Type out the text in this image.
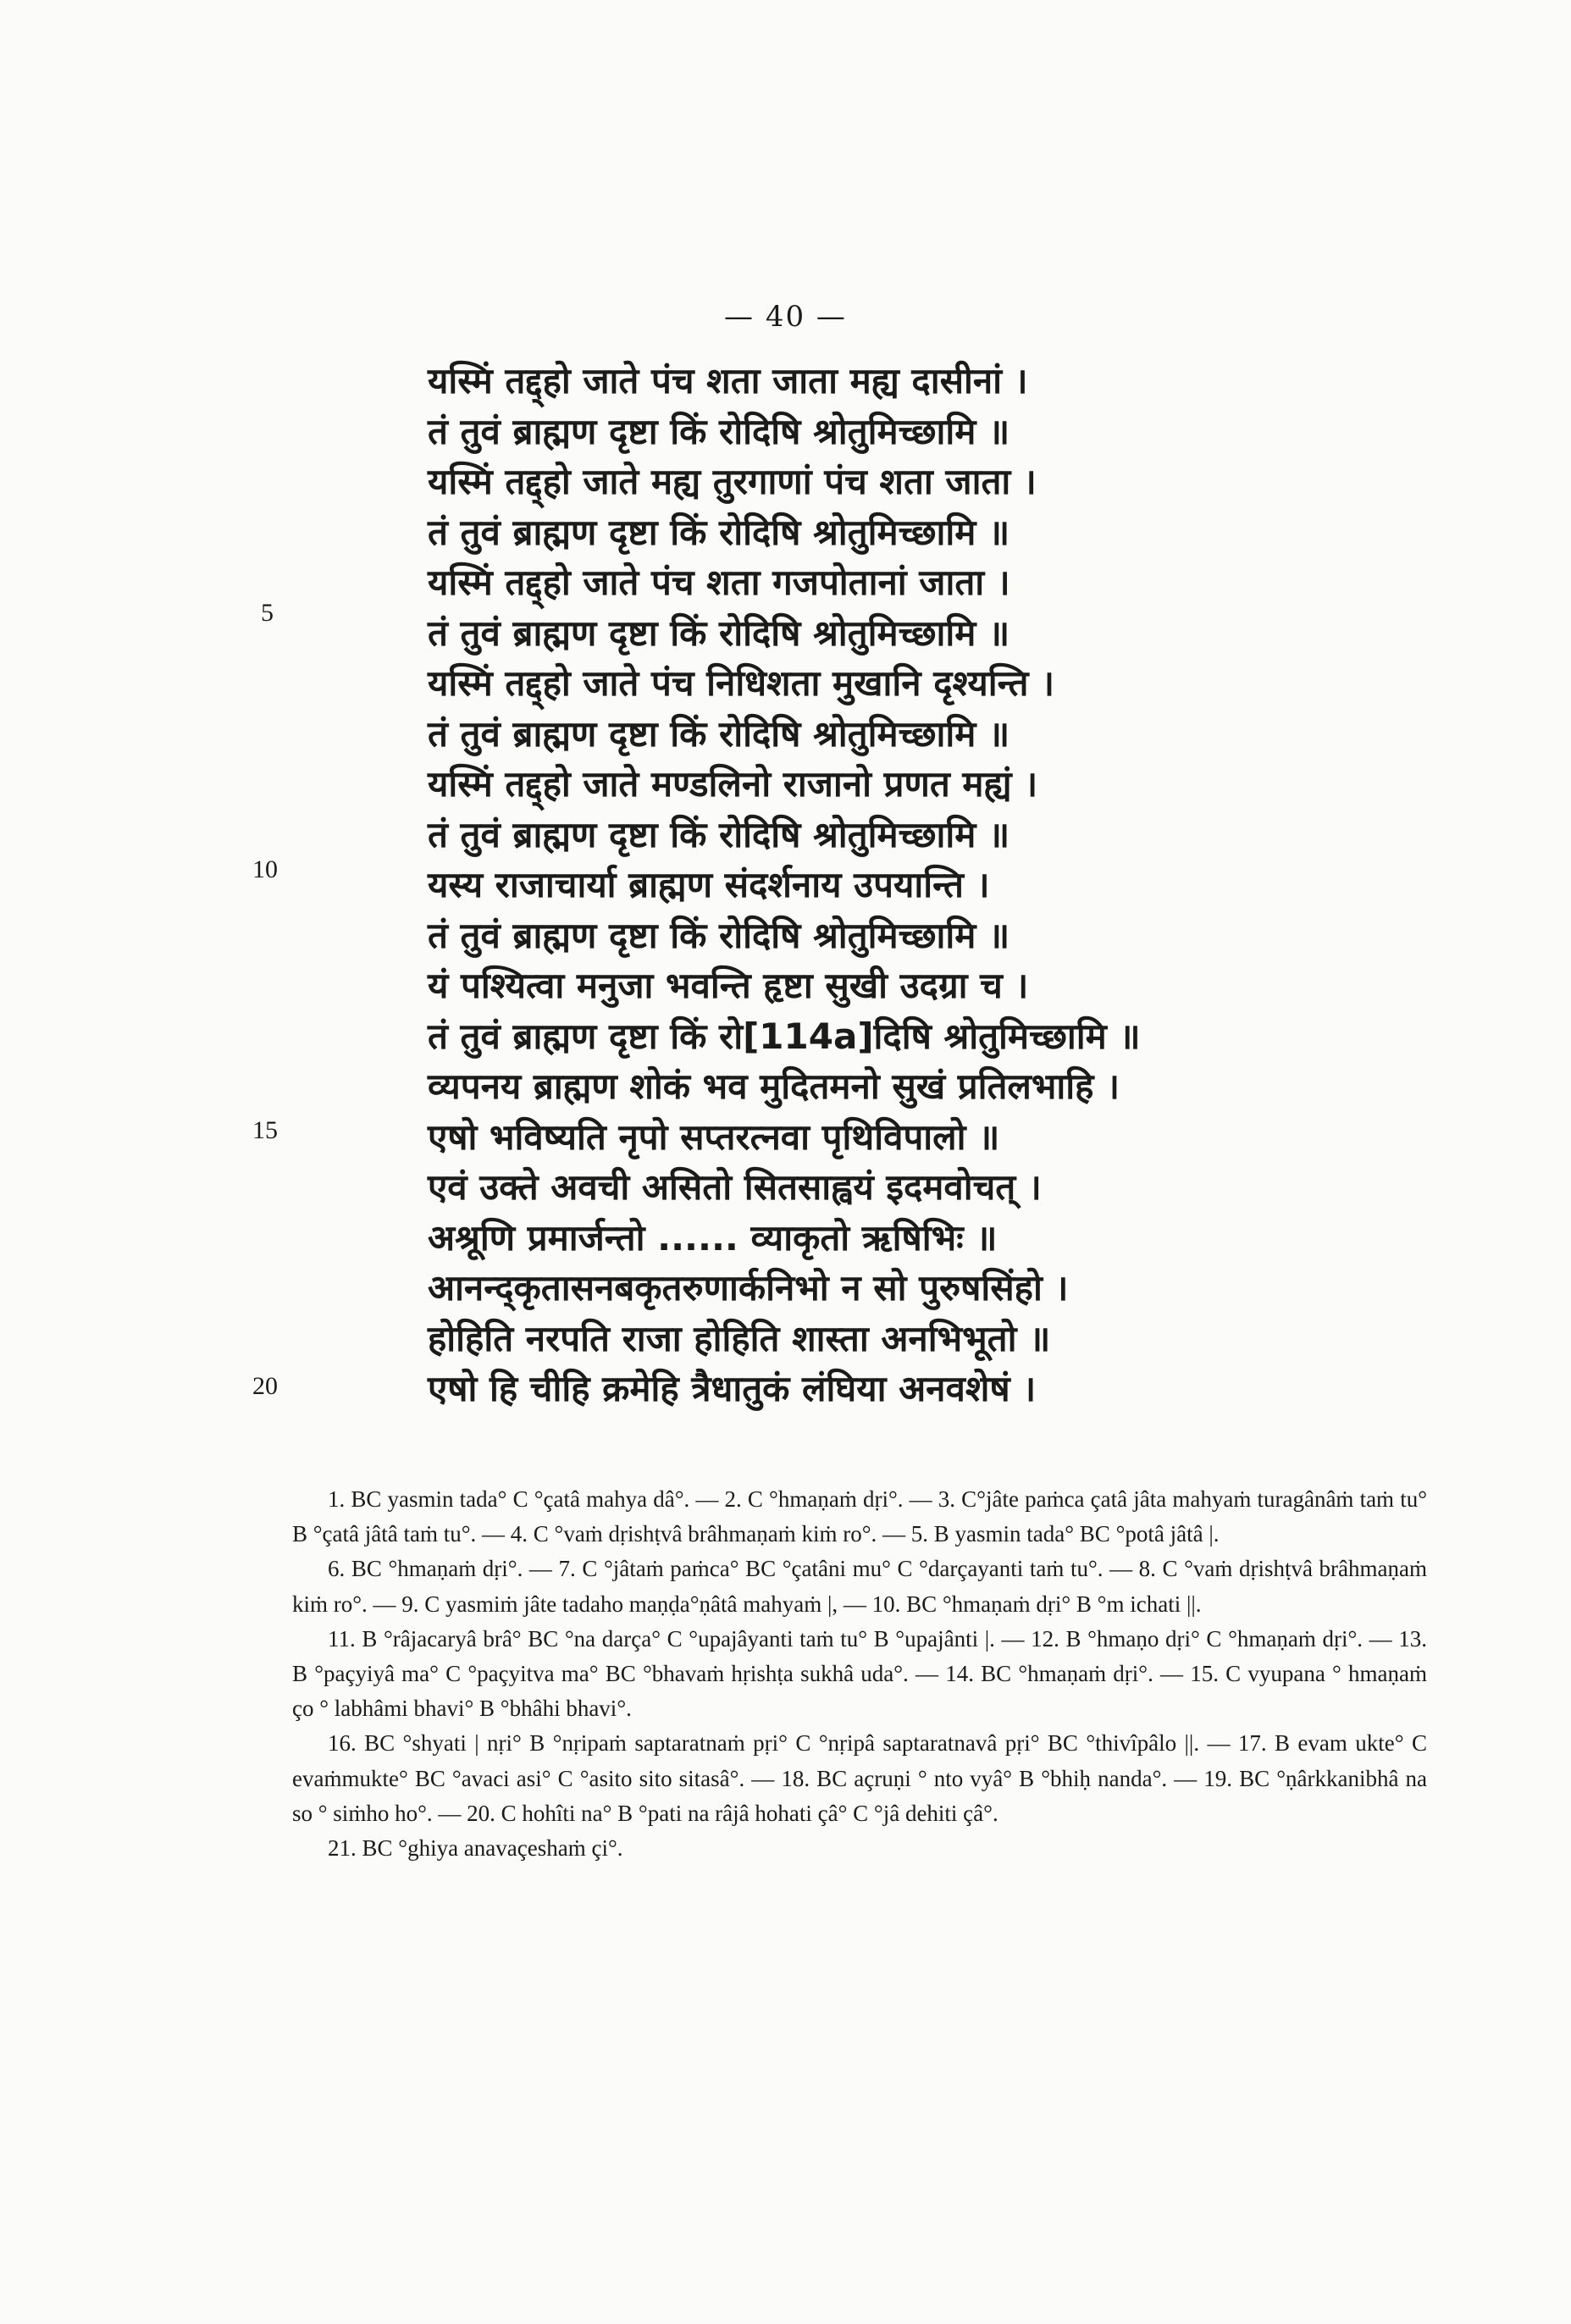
— 40 —
5
10
15
20
यस्मिं तद्द्हो जाते पंच शता जाता मह्य दासीनां ।
तं तुवं ब्राह्मण दृष्टा किं रोदिषि श्रोतुमिच्छामि ॥
यस्मिं तद्द्हो जाते मह्य तुरगाणां पंच शता जाता ।
तं तुवं ब्राह्मण दृष्टा किं रोदिषि श्रोतुमिच्छामि ॥
यस्मिं तद्द्हो जाते पंच शता गजपोतानां जाता ।
तं तुवं ब्राह्मण दृष्टा किं रोदिषि श्रोतुमिच्छामि ॥
यस्मिं तद्द्हो जाते पंच निधिशता मुखानि दृश्यन्ति ।
तं तुवं ब्राह्मण दृष्टा किं रोदिषि श्रोतुमिच्छामि ॥
यस्मिं तद्द्हो जाते मण्डलिनो राजानो प्रणत मह्यं ।
तं तुवं ब्राह्मण दृष्टा किं रोदिषि श्रोतुमिच्छामि ॥
यस्य राजाचार्या ब्राह्मण संदर्शनाय उपयान्ति ।
तं तुवं ब्राह्मण दृष्टा किं रोदिषि श्रोतुमिच्छामि ॥
यं पश्यित्वा मनुजा भवन्ति हृष्टा सुखी उदग्रा च ।
तं तुवं ब्राह्मण दृष्टा किं रो[114a]दिषि श्रोतुमिच्छामि ॥
व्यपनय ब्राह्मण शोकं भव मुदितमनो सुखं प्रतिलभाहि ।
एषो भविष्यति नृपो सप्तरत्नवा पृथिविपालो ॥
एवं उक्ते अवची असितो सितसाह्वयं इदमवोचत् ।
अश्रूणि प्रमार्जन्तो ...... व्याकृतो ऋषिभिः ॥
आनन्द्कृतासनबकृतरुणार्कनिभो न सो पुरुषसिंहो ।
होहिति नरपति राजा होहिति शास्ता अनभिभूतो ॥
एषो हि चीहि क्रमेहि त्रैधातुकं लंघिया अनवशेषं ।

1. BC yasmin tada° C °çatâ mahya dâ°. — 2. C °hmaṇaṁ dṛi°. — 3. C°jâte paṁca çatâ jâta mahyaṁ turagânâṁ taṁ tu° B °çatâ jâtâ taṁ tu°. — 4. C °vaṁ dṛishṭvâ brâhmaṇaṁ kiṁ ro°. — 5. B yasmin tada° BC °potâ jâtâ |.

6. BC °hmaṇaṁ dṛi°. — 7. C °jâtaṁ paṁca° BC °çatâni mu° C °darçayanti taṁ tu°. — 8. C °vaṁ dṛishṭvâ brâhmaṇaṁ kiṁ ro°. — 9. C yasmiṁ jâte tadaho maṇḍa°ṇâtâ mahyaṁ |, — 10. BC °hmaṇaṁ dṛi° B °m ichati ||.

11. B °râjacaryâ brâ° BC °na darça° C °upajâyanti taṁ tu° B °upajânti |. — 12. B °hmaṇo dṛi° C °hmaṇaṁ dṛi°. — 13. B °paçyiyâ ma° C °paçyitva ma° BC °bhavaṁ hṛishṭa sukhâ uda°. — 14. BC °hmaṇaṁ dṛi°. — 15. C vyupana ° hmaṇaṁ ço ° labhâmi bhavi° B °bhâhi bhavi°.

16. BC °shyati | nṛi° B °nṛipaṁ saptaratnaṁ pṛi° C °nṛipâ saptaratnavâ pṛi° BC °thivîpâlo ||. — 17. B evam ukte° C evaṁmukte° BC °avaci asi° C °asito sito sitasâ°. — 18. BC açruṇi ° nto vyâ° B °bhiḥ nanda°. — 19. BC °ṇârkkanibhâ na so ° siṁho ho°. — 20. C hohîti na° B °pati na râjâ hohati çâ° C °jâ dehiti çâ°.

21. BC °ghiya anavaçeshaṁ çi°.
